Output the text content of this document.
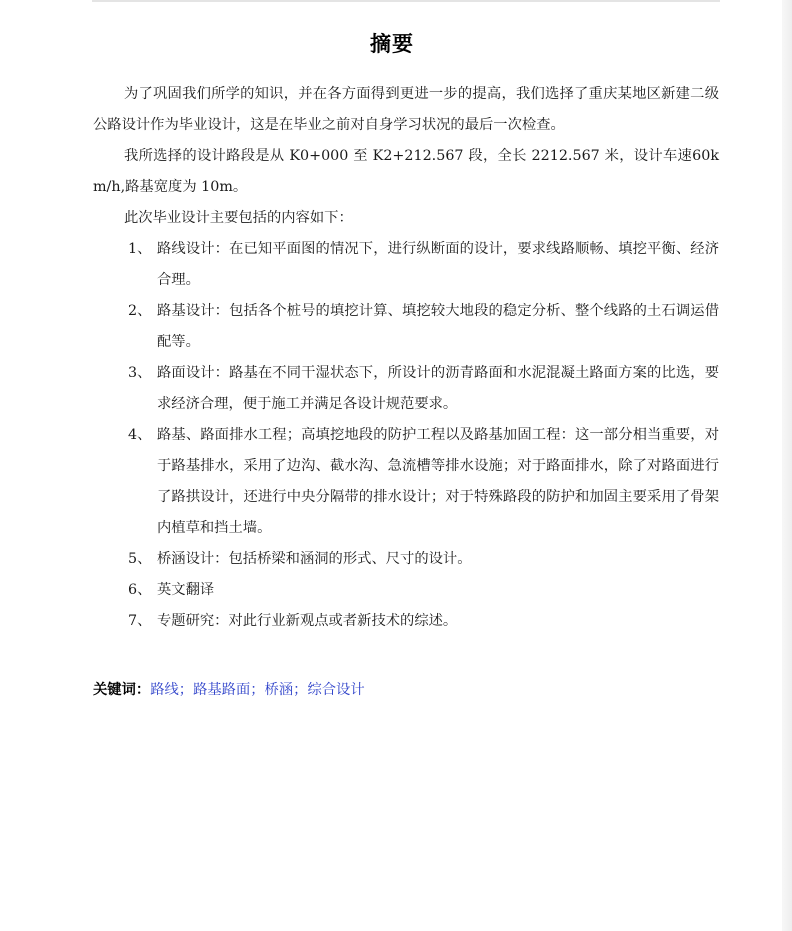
摘要

为了巩固我们所学的知识，并在各方面得到更进一步的提高，我们选择了重庆某地区新建二级公路设计作为毕业设计，这是在毕业之前对自身学习状况的最后一次检查。

我所选择的设计路段是从 K0+000 至 K2+212.567 段，全长 2212.567 米，设计车速60km/h,路基宽度为 10m。

此次毕业设计主要包括的内容如下：

1、 路线设计：在已知平面图的情况下，进行纵断面的设计，要求线路顺畅、填挖平衡、经济合理。
2、 路基设计：包括各个桩号的填挖计算、填挖较大地段的稳定分析、整个线路的土石调运借配等。
3、 路面设计：路基在不同干湿状态下，所设计的沥青路面和水泥混凝土路面方案的比选，要求经济合理，便于施工并满足各设计规范要求。
4、 路基、路面排水工程；高填挖地段的防护工程以及路基加固工程：这一部分相当重要，对于路基排水，采用了边沟、截水沟、急流槽等排水设施；对于路面排水，除了对路面进行了路拱设计，还进行中央分隔带的排水设计；对于特殊路段的防护和加固主要采用了骨架内植草和挡土墙。
5、 桥涵设计：包括桥梁和涵洞的形式、尺寸的设计。
6、 英文翻译
7、 专题研究：对此行业新观点或者新技术的综述。
关键词：路线；路基路面；桥涵；综合设计
